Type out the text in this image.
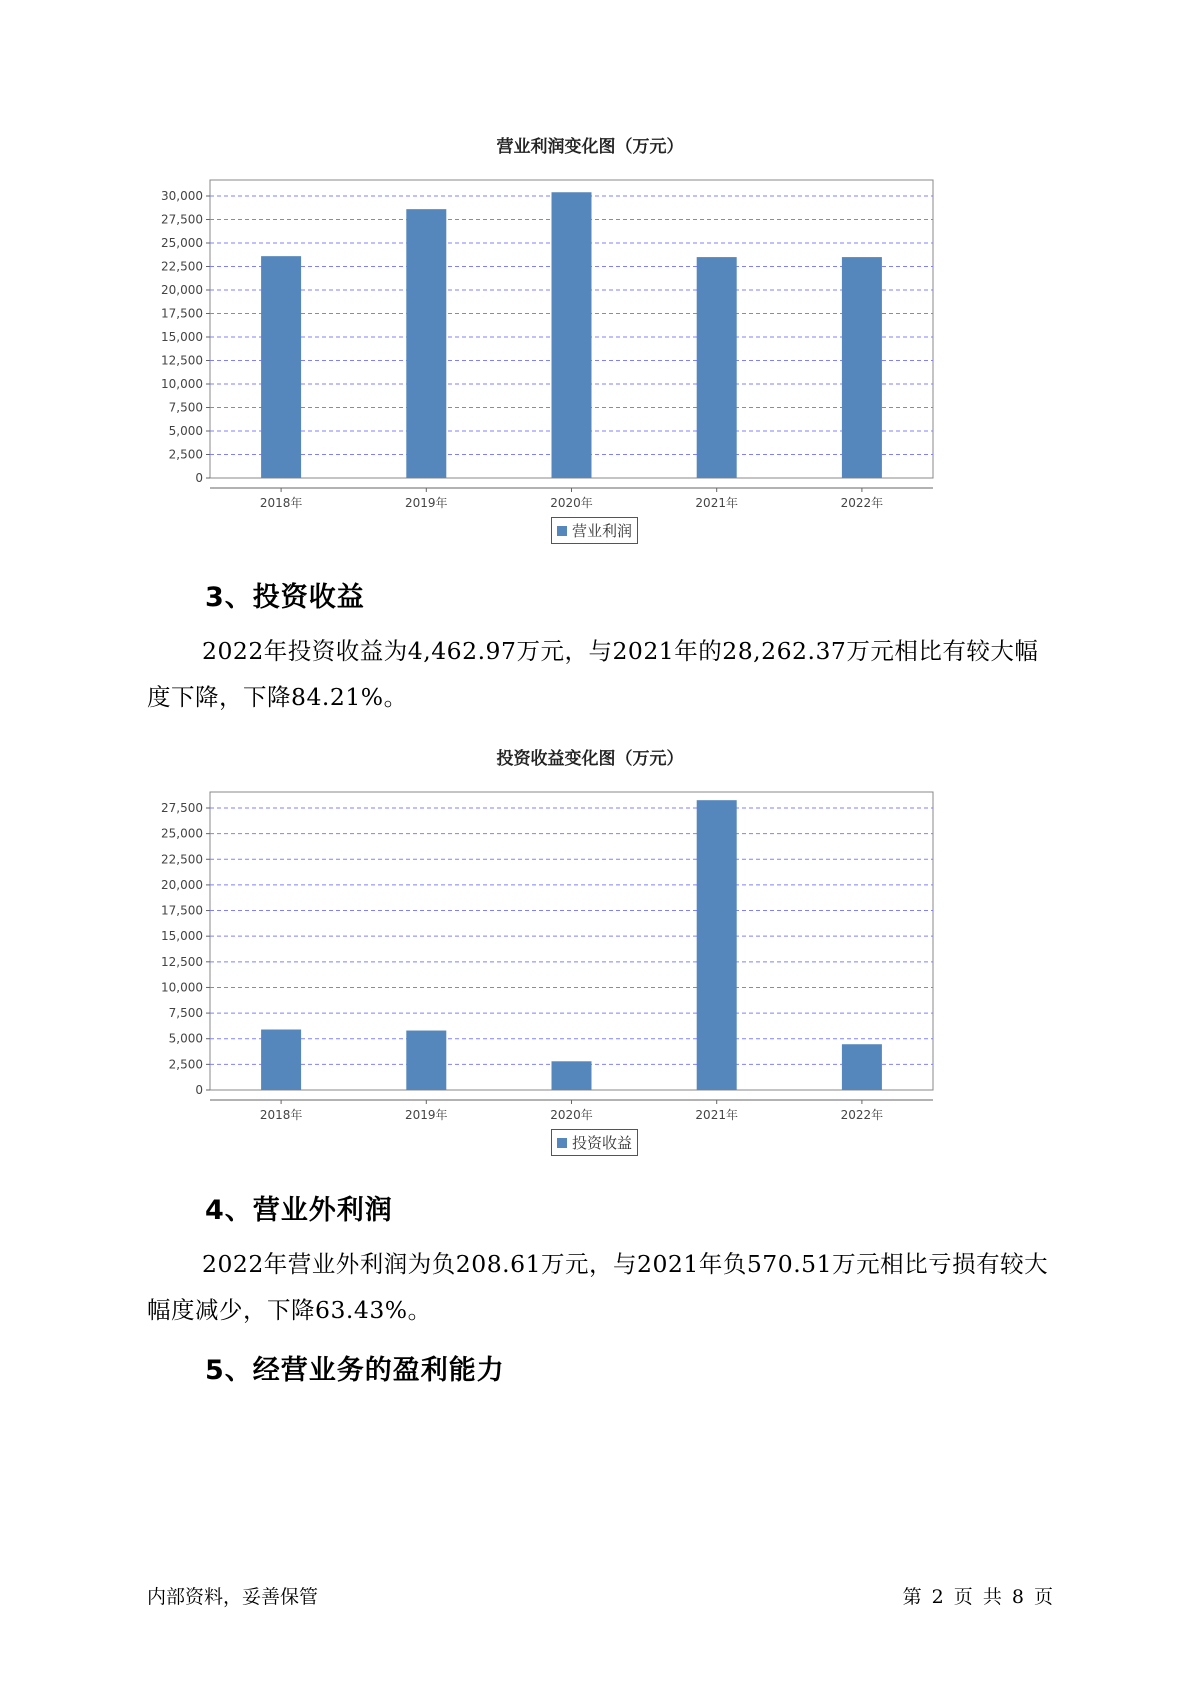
营业利润变化图（万元）
0
2,500
5,000
7,500
10,000
12,500
15,000
17,500
20,000
22,500
25,000
27,500
30,000
2018年	2019年	2020年	2021年	2022年
营业利润
3、投资收益

2022年投资收益为4,462.97万元，与2021年的28,262.37万元相比有较大幅度下降，下降84.21%。

投资收益变化图（万元）
0
2,500
5,000
7,500
10,000
12,500
15,000
17,500
20,000
22,500
25,000
27,500
2018年	2019年	2020年	2021年	2022年
投资收益
4、营业外利润

2022年营业外利润为负208.61万元，与2021年负570.51万元相比亏损有较大幅度减少，下降63.43%。

5、经营业务的盈利能力
内部资料，妥善保管	第 2 页 共 8 页
